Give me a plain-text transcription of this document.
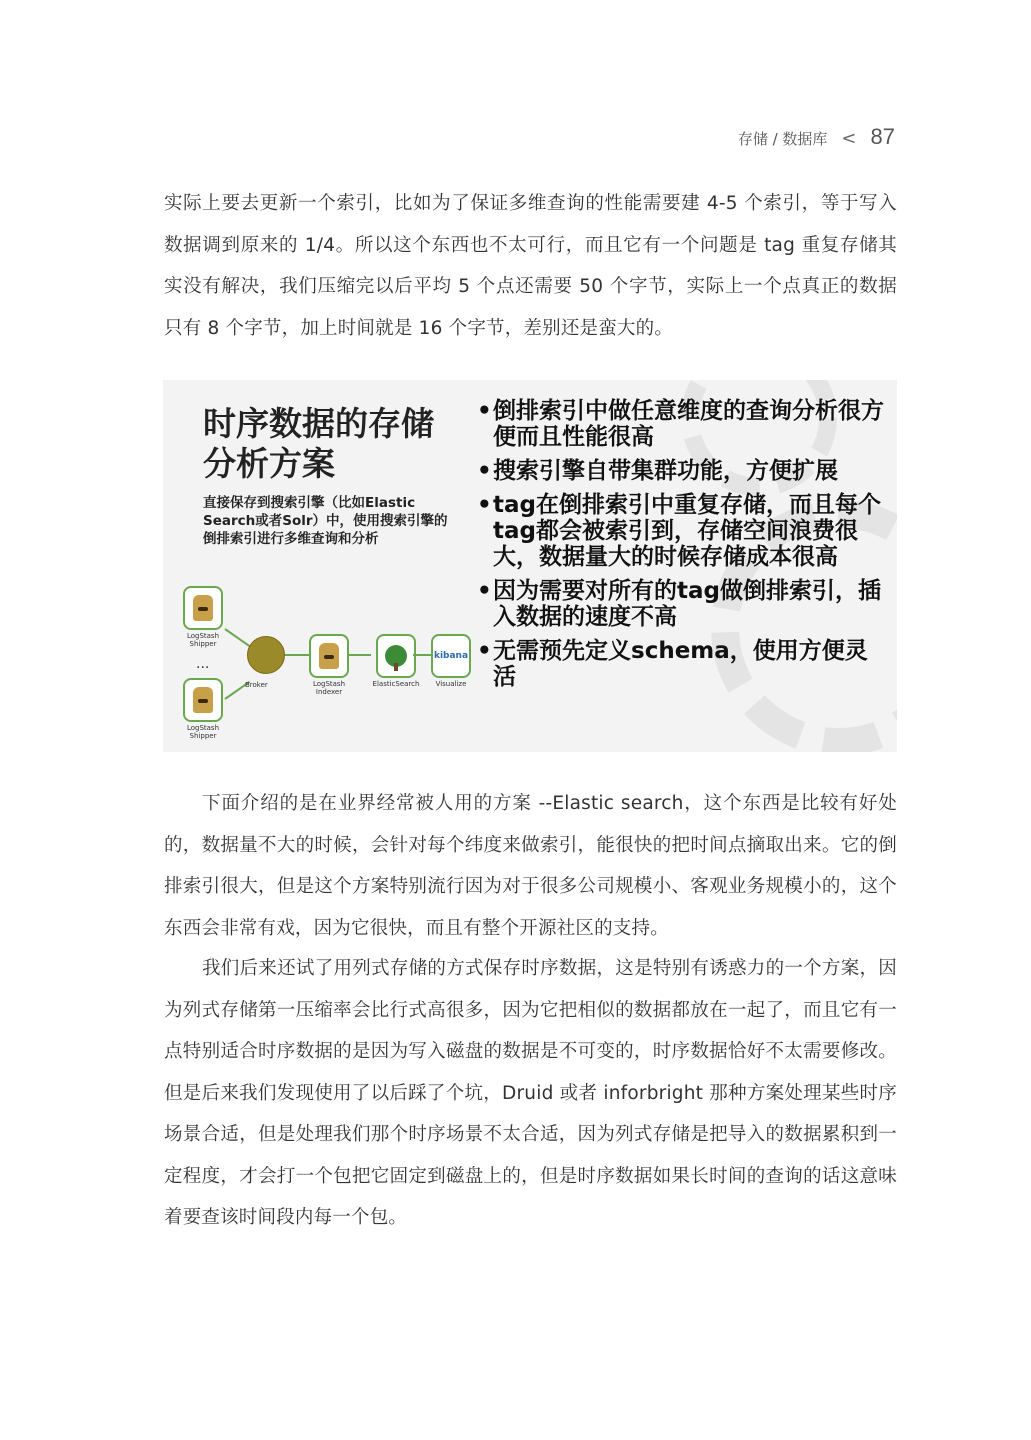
存储 / 数据库 < 87

实际上要去更新一个索引，比如为了保证多维查询的性能需要建 4-5 个索引，等于写入数据调到原来的 1/4。所以这个东西也不太可行，而且它有一个问题是 tag 重复存储其实没有解决，我们压缩完以后平均 5 个点还需要 50 个字节，实际上一个点真正的数据只有 8 个字节，加上时间就是 16 个字节，差别还是蛮大的。

时序数据的存储分析方案
直接保存到搜索引擎（比如Elastic Search或者Solr）中，使用搜索引擎的倒排索引进行多维查询和分析
• 倒排索引中做任意维度的查询分析很方便而且性能很高
• 搜索引擎自带集群功能，方便扩展
• tag在倒排索引中重复存储，而且每个tag都会被索引到，存储空间浪费很大，数据量大的时候存储成本很高
• 因为需要对所有的tag做倒排索引，插入数据的速度不高
• 无需预先定义schema，使用方便灵活
LogStash Shipper
...
LogStash Shipper
Broker	LogStash Indexer
ElasticSearch
kibana
Visualize

下面介绍的是在业界经常被人用的方案 --Elastic search，这个东西是比较有好处的，数据量不大的时候，会针对每个纬度来做索引，能很快的把时间点摘取出来。它的倒排索引很大，但是这个方案特别流行因为对于很多公司规模小、客观业务规模小的，这个东西会非常有戏，因为它很快，而且有整个开源社区的支持。

我们后来还试了用列式存储的方式保存时序数据，这是特别有诱惑力的一个方案，因为列式存储第一压缩率会比行式高很多，因为它把相似的数据都放在一起了，而且它有一点特别适合时序数据的是因为写入磁盘的数据是不可变的，时序数据恰好不太需要修改。但是后来我们发现使用了以后踩了个坑，Druid 或者 inforbright 那种方案处理某些时序场景合适，但是处理我们那个时序场景不太合适，因为列式存储是把导入的数据累积到一定程度，才会打一个包把它固定到磁盘上的，但是时序数据如果长时间的查询的话这意味着要查该时间段内每一个包。
